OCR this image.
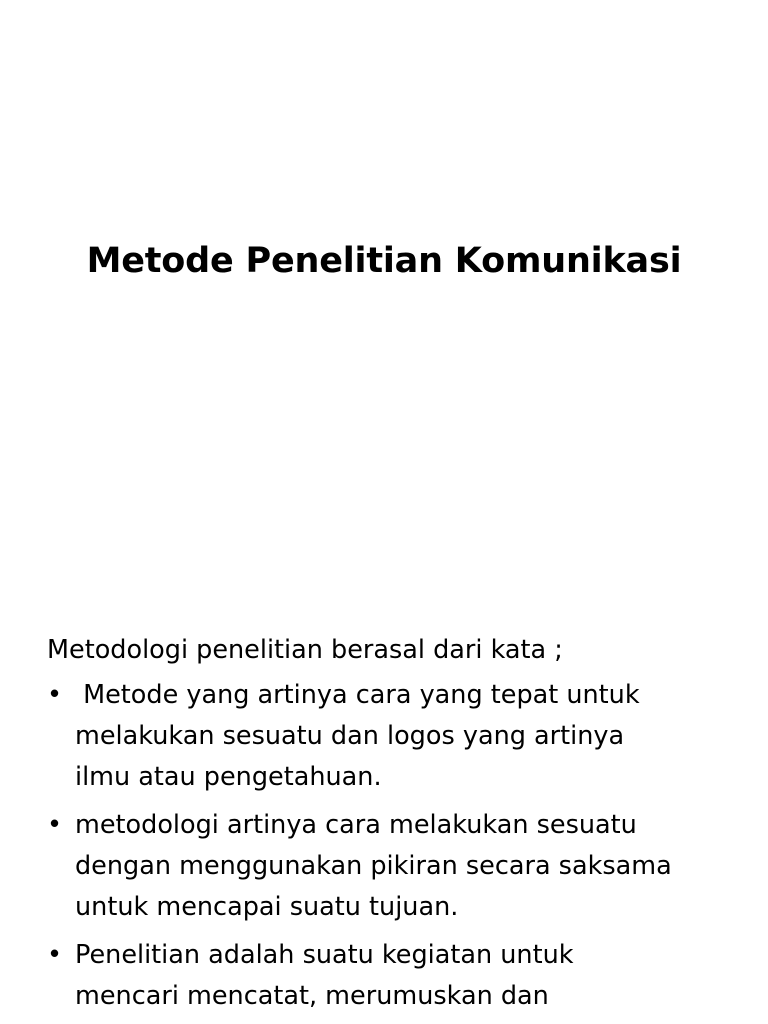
Metode Penelitian Komunikasi

Metodologi penelitian berasal dari kata ;

• Metode yang artinya cara yang tepat untuk
melakukan sesuatu dan logos yang artinya
ilmu atau pengetahuan.
• metodologi artinya cara melakukan sesuatu
dengan menggunakan pikiran secara saksama
untuk mencapai suatu tujuan.
• Penelitian adalah suatu kegiatan untuk
mencari mencatat, merumuskan dan
